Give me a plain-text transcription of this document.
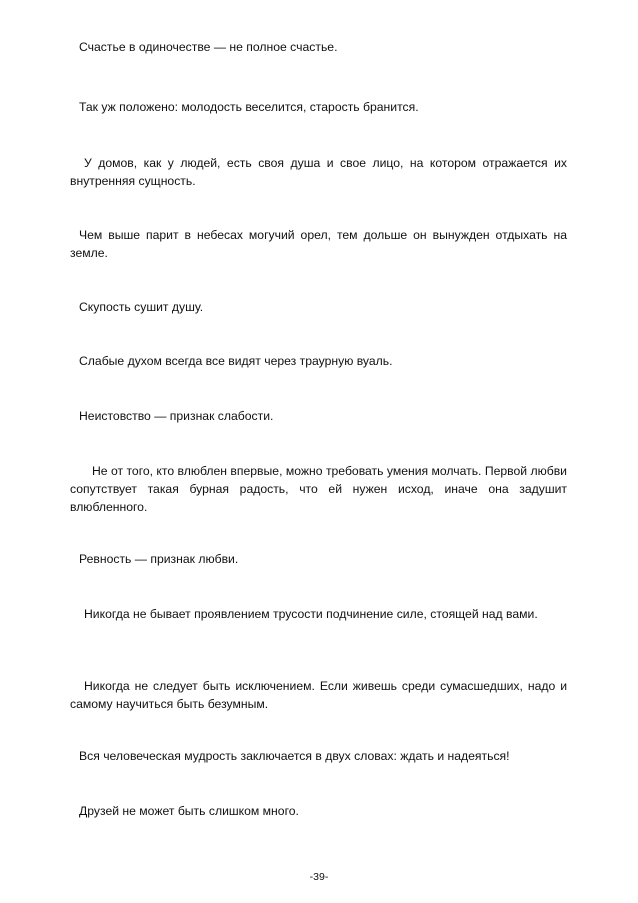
Счастье в одиночестве — не полное счастье.

Так уж положено: молодость веселится, старость бранится.

У домов, как у людей, есть своя душа и свое лицо, на котором отражается их внутренняя сущность.

Чем выше парит в небесах могучий орел, тем дольше он вынужден отдыхать на земле.

Скупость сушит душу.

Слабые духом всегда все видят через траурную вуаль.

Неистовство — признак слабости.

Не от того, кто влюблен впервые, можно требовать умения молчать. Первой любви сопутствует такая бурная радость, что ей нужен исход, иначе она задушит влюбленного.

Ревность — признак любви.

Никогда не бывает проявлением трусости подчинение силе, стоящей над вами.

Никогда не следует быть исключением. Если живешь среди сумасшедших, надо и самому научиться быть безумным.

Вся человеческая мудрость заключается в двух словах: ждать и надеяться!

Друзей не может быть слишком много.

-39-
